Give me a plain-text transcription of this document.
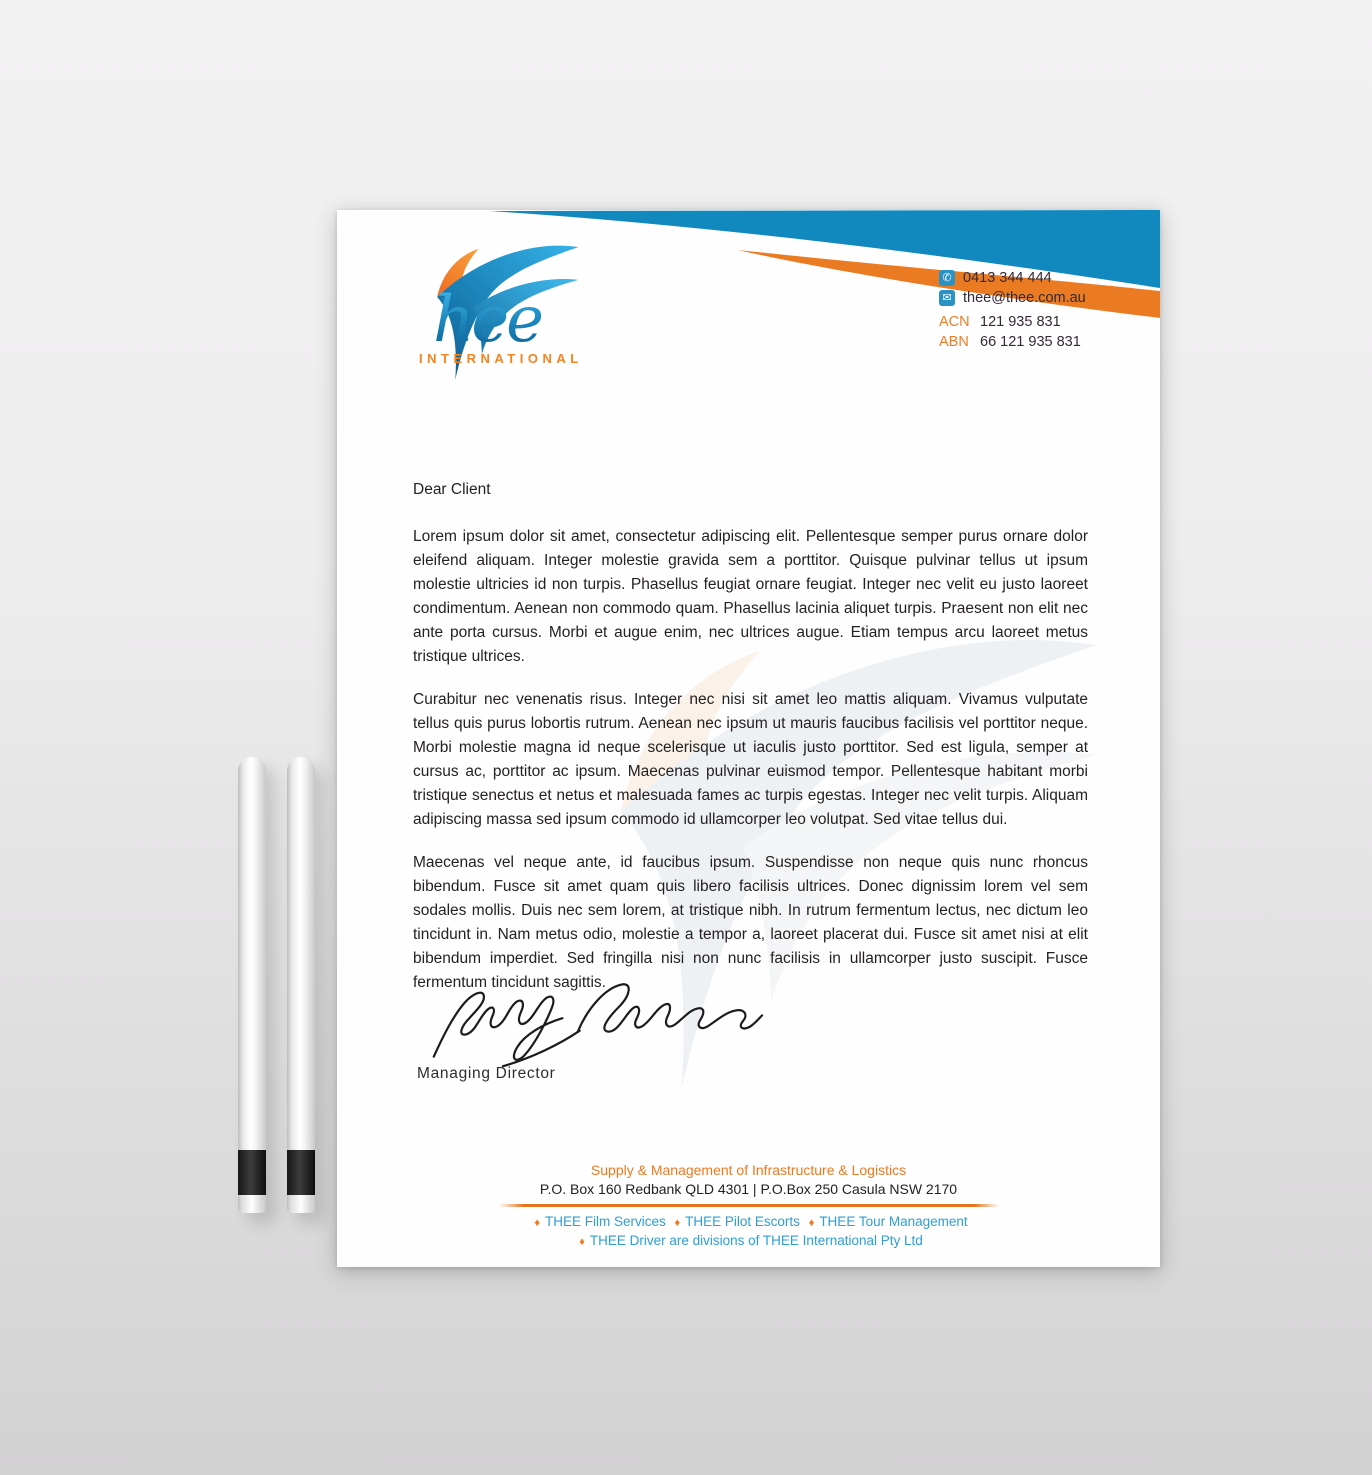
hee
INTERNATIONAL
✆ 0413 344 444
✉ thee@thee.com.au
ACN 121 935 831
ABN 66 121 935 831
Dear Client

Lorem ipsum dolor sit amet, consectetur adipiscing elit. Pellentesque semper purus ornare dolor eleifend aliquam. Integer molestie gravida sem a porttitor. Quisque pulvinar tellus ut ipsum molestie ultricies id non turpis. Phasellus feugiat ornare feugiat. Integer nec velit eu justo laoreet condimentum. Aenean non commodo quam. Phasellus lacinia aliquet turpis. Praesent non elit nec ante porta cursus. Morbi et augue enim, nec ultrices augue. Etiam tempus arcu laoreet metus tristique ultrices.

Curabitur nec venenatis risus. Integer nec nisi sit amet leo mattis aliquam. Vivamus vulputate tellus quis purus lobortis rutrum. Aenean nec ipsum ut mauris faucibus facilisis vel porttitor neque. Morbi molestie magna id neque scelerisque ut iaculis justo porttitor. Sed est ligula, semper at cursus ac, porttitor ac ipsum. Maecenas pulvinar euismod tempor. Pellentesque habitant morbi tristique senectus et netus et malesuada fames ac turpis egestas. Integer nec velit turpis. Aliquam adipiscing massa sed ipsum commodo id ullamcorper leo volutpat. Sed vitae tellus dui.

Maecenas vel neque ante, id faucibus ipsum. Suspendisse non neque quis nunc rhoncus bibendum. Fusce sit amet quam quis libero facilisis ultrices. Donec dignissim lorem vel sem sodales mollis. Duis nec sem lorem, at tristique nibh. In rutrum fermentum lectus, nec dictum leo tincidunt in. Nam metus odio, molestie a tempor a, laoreet placerat dui. Fusce sit amet nisi at elit bibendum imperdiet. Sed fringilla nisi non nunc facilisis in ullamcorper justo suscipit. Fusce fermentum tincidunt sagittis.

Managing Director
Supply & Management of Infrastructure & Logistics
P.O. Box 160 Redbank QLD 4301 | P.O.Box 250 Casula NSW 2170
♦ THEE Film Services ♦ THEE Pilot Escorts ♦ THEE Tour Management
♦ THEE Driver are divisions of THEE International Pty Ltd
